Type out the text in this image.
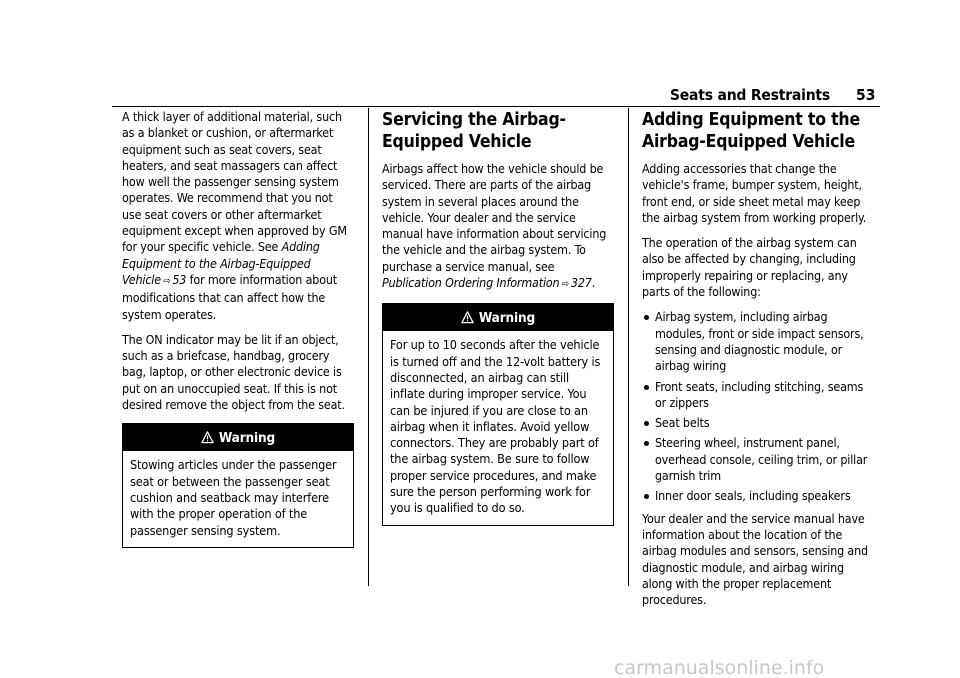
Seats and Restraints 53

A thick layer of additional material, such as a blanket or cushion, or aftermarket equipment such as seat covers, seat heaters, and seat massagers can affect how well the passenger sensing system operates. We recommend that you not use seat covers or other aftermarket equipment except when approved by GM for your specific vehicle. See Adding Equipment to the Airbag-Equipped Vehicle ⇨ 53 for more information about modifications that can affect how the system operates.

The ON indicator may be lit if an object, such as a briefcase, handbag, grocery bag, laptop, or other electronic device is put on an unoccupied seat. If this is not desired remove the object from the seat.

Warning
Stowing articles under the passenger seat or between the passenger seat cushion and seatback may interfere with the proper operation of the passenger sensing system.
Servicing the Airbag-Equipped Vehicle

Airbags affect how the vehicle should be serviced. There are parts of the airbag system in several places around the vehicle. Your dealer and the service manual have information about servicing the vehicle and the airbag system. To purchase a service manual, see Publication Ordering Information ⇨ 327.

Warning
For up to 10 seconds after the vehicle is turned off and the 12-volt battery is disconnected, an airbag can still inflate during improper service. You can be injured if you are close to an airbag when it inflates. Avoid yellow connectors. They are probably part of the airbag system. Be sure to follow proper service procedures, and make sure the person performing work for you is qualified to do so.
Adding Equipment to the Airbag-Equipped Vehicle

Adding accessories that change the vehicle's frame, bumper system, height, front end, or side sheet metal may keep the airbag system from working properly.

The operation of the airbag system can also be affected by changing, including improperly repairing or replacing, any parts of the following:

Airbag system, including airbag modules, front or side impact sensors, sensing and diagnostic module, or airbag wiring
Front seats, including stitching, seams or zippers
Seat belts
Steering wheel, instrument panel, overhead console, ceiling trim, or pillar garnish trim
Inner door seals, including speakers

Your dealer and the service manual have information about the location of the airbag modules and sensors, sensing and diagnostic module, and airbag wiring along with the proper replacement procedures.

carmanualsonline.info
